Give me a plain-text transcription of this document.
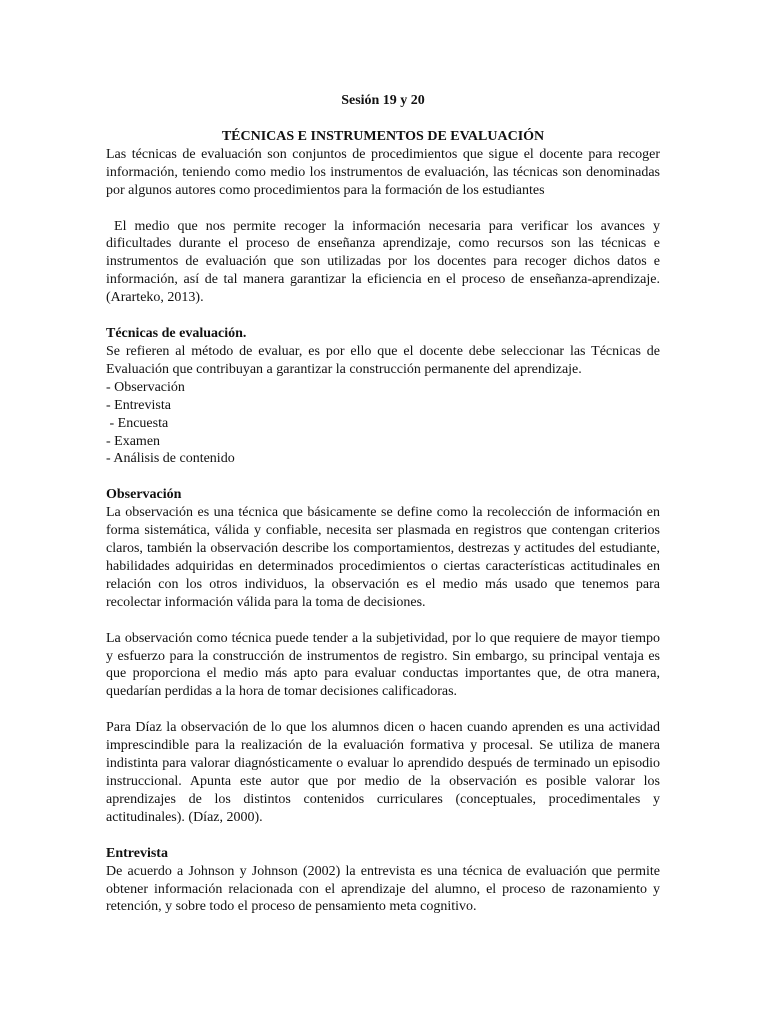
Sesión 19 y 20
TÉCNICAS E INSTRUMENTOS DE EVALUACIÓN

Las técnicas de evaluación son conjuntos de procedimientos que sigue el docente para recoger información, teniendo como medio los instrumentos de evaluación, las técnicas son denominadas por algunos autores como procedimientos para la formación de los estudiantes

El medio que nos permite recoger la información necesaria para verificar los avances y dificultades durante el proceso de enseñanza aprendizaje, como recursos son las técnicas e instrumentos de evaluación que son utilizadas por los docentes para recoger dichos datos e información, así de tal manera garantizar la eficiencia en el proceso de enseñanza-aprendizaje. (Ararteko, 2013).

Técnicas de evaluación.

Se refieren al método de evaluar, es por ello que el docente debe seleccionar las Técnicas de Evaluación que contribuyan a garantizar la construcción permanente del aprendizaje.

- Observación
- Entrevista
- Encuesta
- Examen
- Análisis de contenido
Observación

La observación es una técnica que básicamente se define como la recolección de información en forma sistemática, válida y confiable, necesita ser plasmada en registros que contengan criterios claros, también la observación describe los comportamientos, destrezas y actitudes del estudiante, habilidades adquiridas en determinados procedimientos o ciertas características actitudinales en relación con los otros individuos, la observación es el medio más usado que tenemos para recolectar información válida para la toma de decisiones.

La observación como técnica puede tender a la subjetividad, por lo que requiere de mayor tiempo y esfuerzo para la construcción de instrumentos de registro. Sin embargo, su principal ventaja es que proporciona el medio más apto para evaluar conductas importantes que, de otra manera, quedarían perdidas a la hora de tomar decisiones calificadoras.

Para Díaz la observación de lo que los alumnos dicen o hacen cuando aprenden es una actividad imprescindible para la realización de la evaluación formativa y procesal. Se utiliza de manera indistinta para valorar diagnósticamente o evaluar lo aprendido después de terminado un episodio instruccional. Apunta este autor que por medio de la observación es posible valorar los aprendizajes de los distintos contenidos curriculares (conceptuales, procedimentales y actitudinales). (Díaz, 2000).

Entrevista

De acuerdo a Johnson y Johnson (2002) la entrevista es una técnica de evaluación que permite obtener información relacionada con el aprendizaje del alumno, el proceso de razonamiento y retención, y sobre todo el proceso de pensamiento meta cognitivo.
